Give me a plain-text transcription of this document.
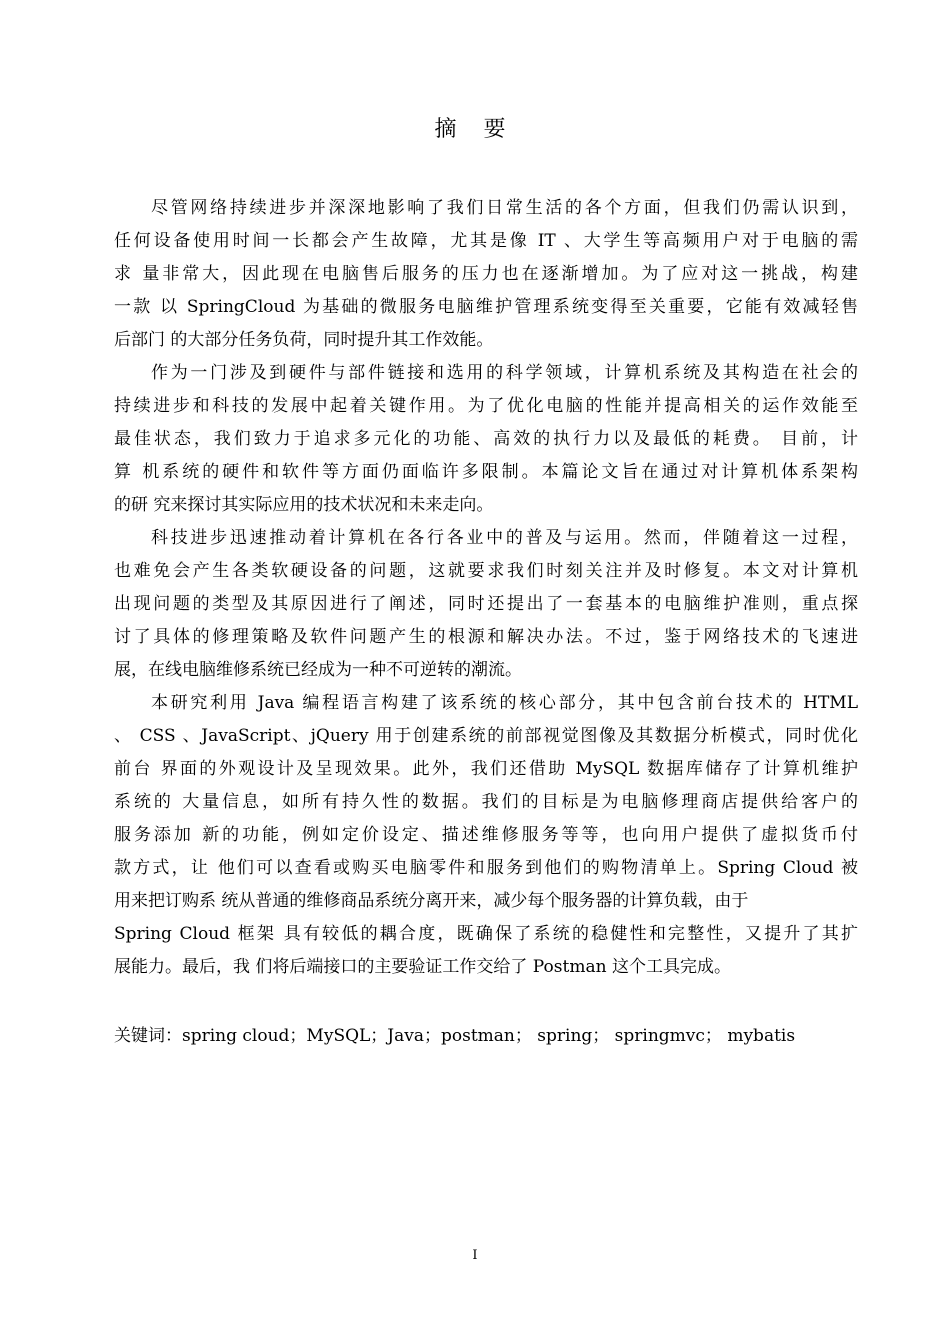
摘 要
尽管网络持续进步并深深地影响了我们日常生活的各个方面，但我们仍需认识到，
任何设备使用时间一长都会产生故障，尤其是像 IT 、大学生等高频用户对于电脑的需
求 量非常大，因此现在电脑售后服务的压力也在逐渐增加。为了应对这一挑战，构建
一款 以 SpringCloud 为基础的微服务电脑维护管理系统变得至关重要，它能有效减轻售
后部门 的大部分任务负荷，同时提升其工作效能。
作为一门涉及到硬件与部件链接和选用的科学领域，计算机系统及其构造在社会的
持续进步和科技的发展中起着关键作用。为了优化电脑的性能并提高相关的运作效能至
最佳状态，我们致力于追求多元化的功能、高效的执行力以及最低的耗费。 目前，计
算 机系统的硬件和软件等方面仍面临许多限制。本篇论文旨在通过对计算机体系架构
的研 究来探讨其实际应用的技术状况和未来走向。
科技进步迅速推动着计算机在各行各业中的普及与运用。然而，伴随着这一过程，
也难免会产生各类软硬设备的问题，这就要求我们时刻关注并及时修复。本文对计算机
出现问题的类型及其原因进行了阐述，同时还提出了一套基本的电脑维护准则，重点探
讨了具体的修理策略及软件问题产生的根源和解决办法。不过，鉴于网络技术的飞速进
展，在线电脑维修系统已经成为一种不可逆转的潮流。
本研究利用 Java 编程语言构建了该系统的核心部分，其中包含前台技术的 HTML
、 CSS 、JavaScript、jQuery 用于创建系统的前部视觉图像及其数据分析模式，同时优化
前台 界面的外观设计及呈现效果。此外，我们还借助 MySQL 数据库储存了计算机维护
系统的 大量信息，如所有持久性的数据。我们的目标是为电脑修理商店提供给客户的
服务添加 新的功能，例如定价设定、描述维修服务等等，也向用户提供了虚拟货币付
款方式，让 他们可以查看或购买电脑零件和服务到他们的购物清单上。Spring Cloud 被
用来把订购系 统从普通的维修商品系统分离开来，减少每个服务器的计算负载，由于
Spring Cloud 框架 具有较低的耦合度，既确保了系统的稳健性和完整性，又提升了其扩
展能力。最后，我 们将后端接口的主要验证工作交给了 Postman 这个工具完成。
关键词：spring cloud；MySQL；Java；postman； spring； springmvc； mybatis
I
